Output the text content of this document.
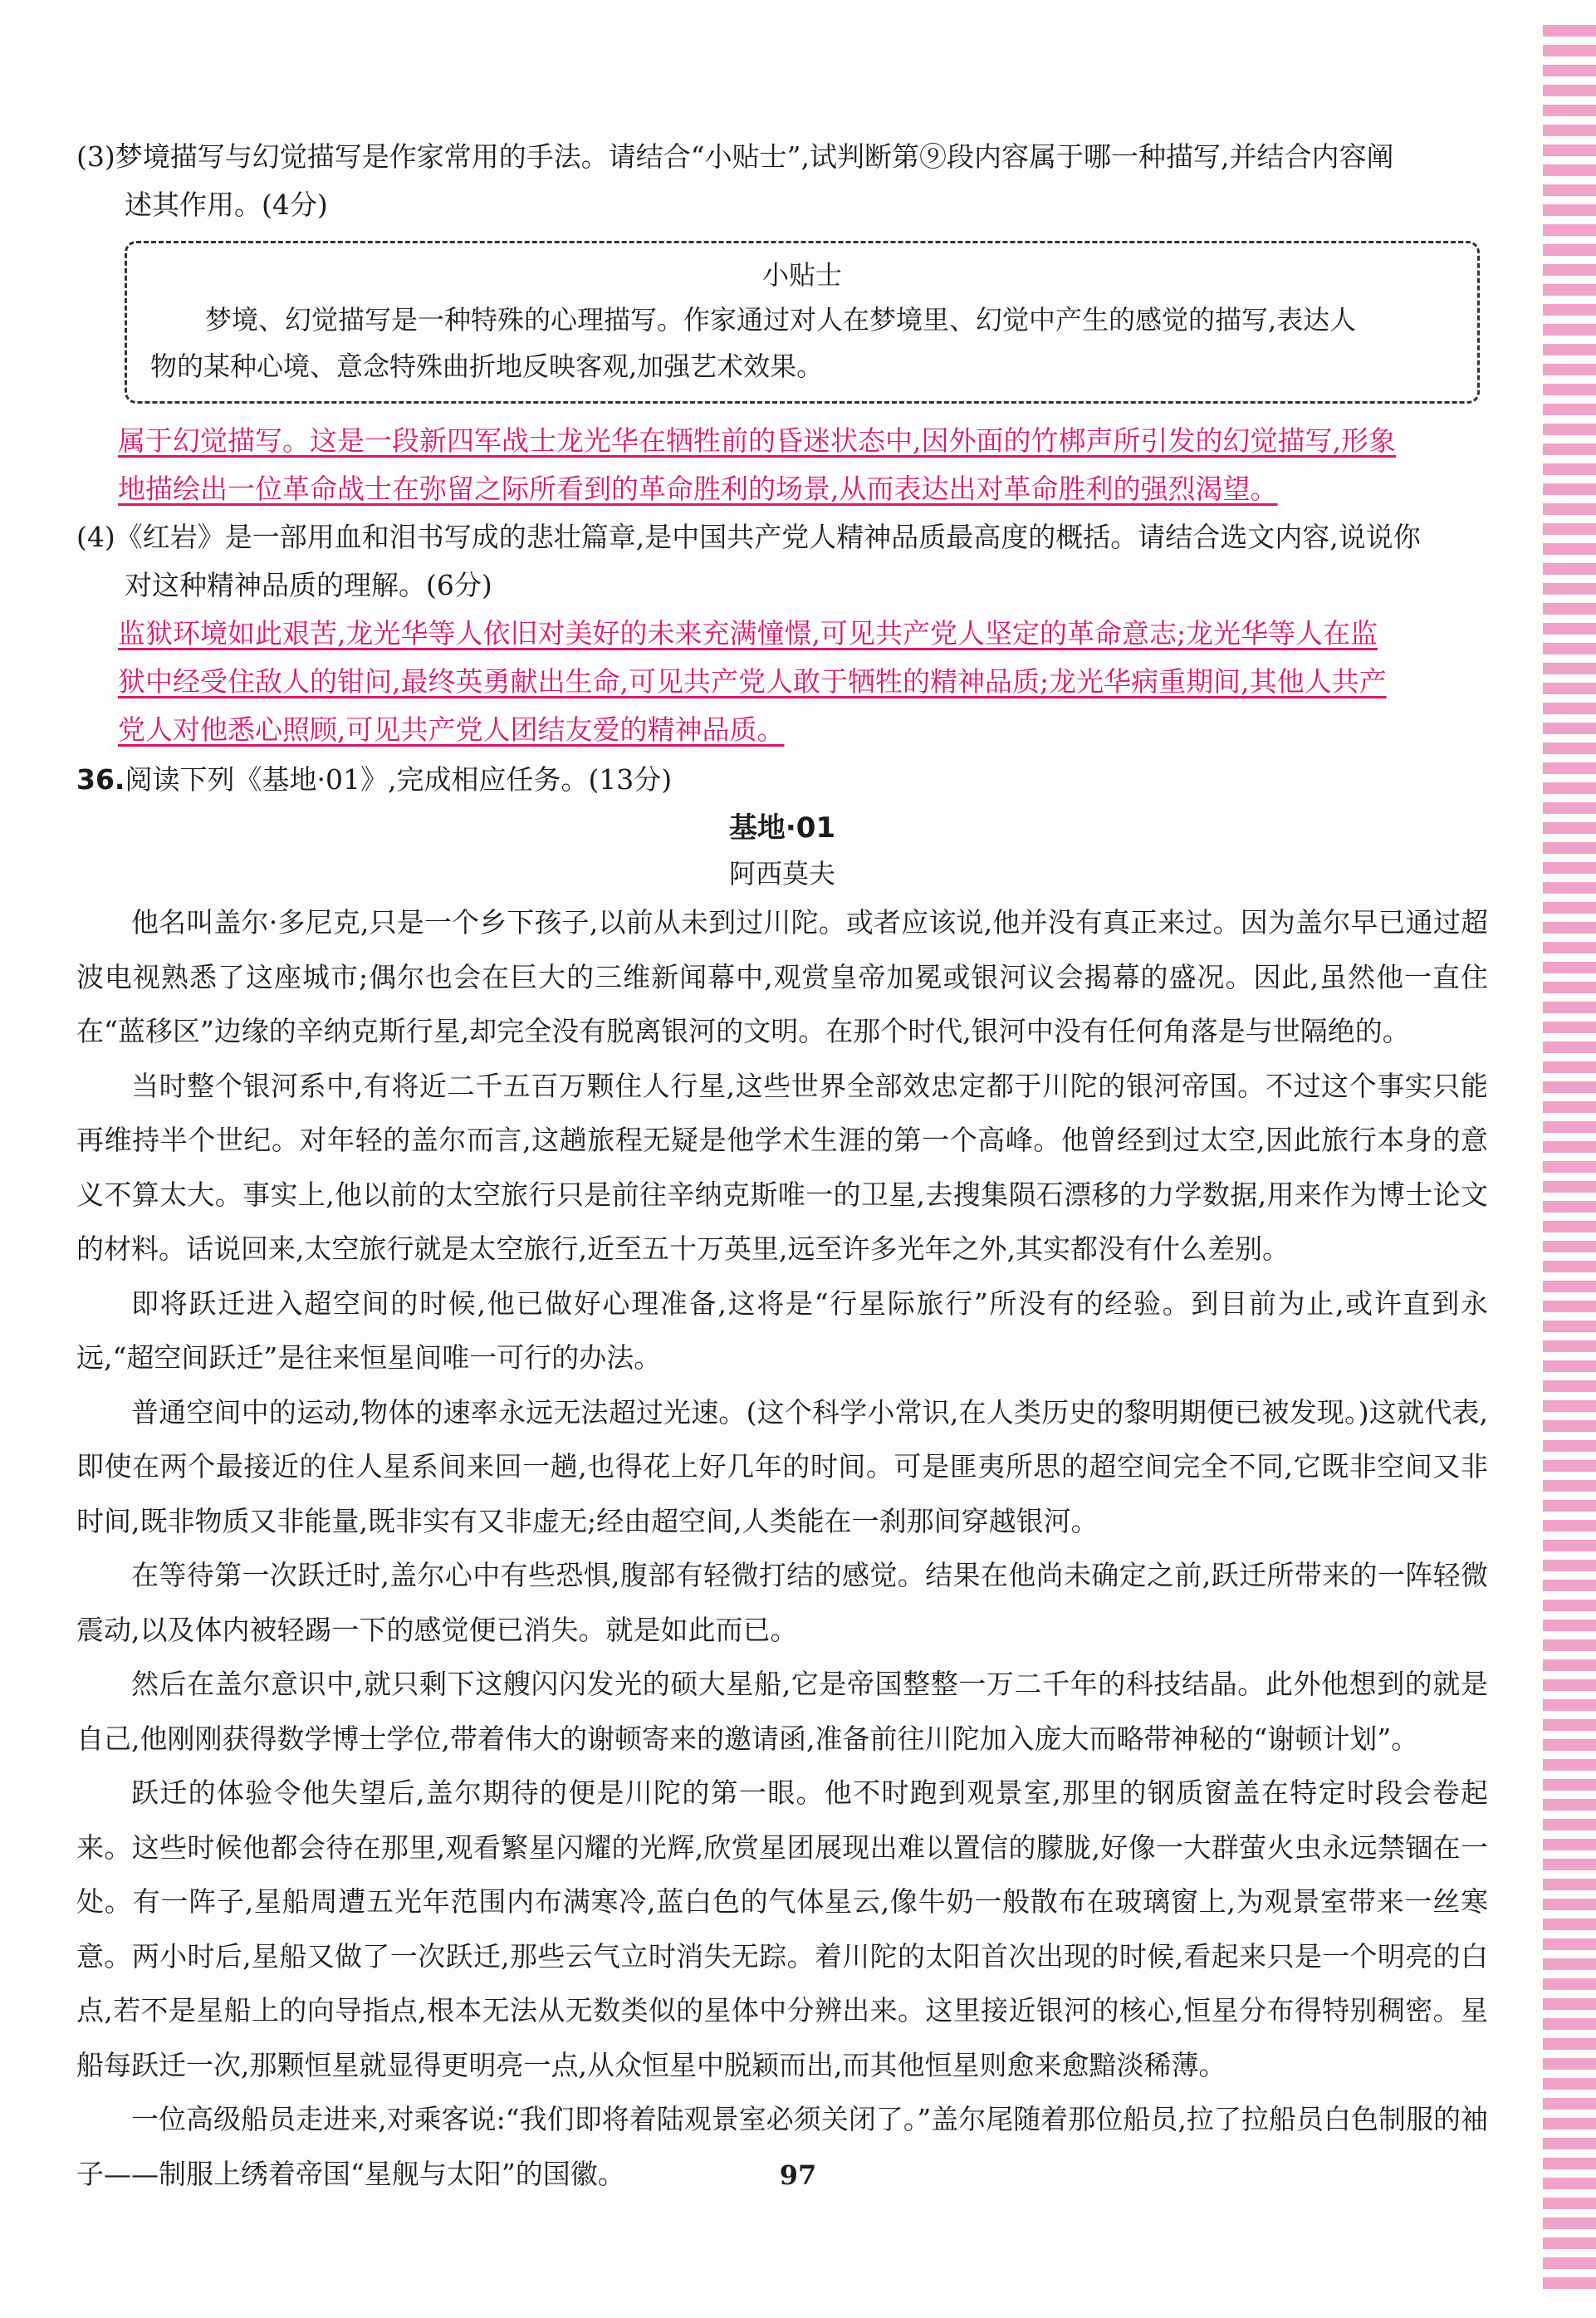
(3)梦境描写与幻觉描写是作家常用的手法。请结合“小贴士”,试判断第⑨段内容属于哪一种描写,并结合内容阐
述其作用。(4分)
小贴士
梦境、幻觉描写是一种特殊的心理描写。作家通过对人在梦境里、幻觉中产生的感觉的描写,表达人
物的某种心境、意念特殊曲折地反映客观,加强艺术效果。
属于幻觉描写。这是一段新四军战士龙光华在牺牲前的昏迷状态中,因外面的竹梆声所引发的幻觉描写,形象
地描绘出一位革命战士在弥留之际所看到的革命胜利的场景,从而表达出对革命胜利的强烈渴望。
(4)《红岩》是一部用血和泪书写成的悲壮篇章,是中国共产党人精神品质最高度的概括。请结合选文内容,说说你
对这种精神品质的理解。(6分)
监狱环境如此艰苦,龙光华等人依旧对美好的未来充满憧憬,可见共产党人坚定的革命意志;龙光华等人在监
狱中经受住敌人的钳问,最终英勇献出生命,可见共产党人敢于牺牲的精神品质;龙光华病重期间,其他人共产
党人对他悉心照顾,可见共产党人团结友爱的精神品质。
36.阅读下列《基地·01》,完成相应任务。(13分)
基地·01
阿西莫夫

他名叫盖尔·多尼克,只是一个乡下孩子,以前从未到过川陀。或者应该说,他并没有真正来过。因为盖尔早已通过超波电视熟悉了这座城市;偶尔也会在巨大的三维新闻幕中,观赏皇帝加冕或银河议会揭幕的盛况。因此,虽然他一直住在“蓝移区”边缘的辛纳克斯行星,却完全没有脱离银河的文明。在那个时代,银河中没有任何角落是与世隔绝的。

当时整个银河系中,有将近二千五百万颗住人行星,这些世界全部效忠定都于川陀的银河帝国。不过这个事实只能再维持半个世纪。对年轻的盖尔而言,这趟旅程无疑是他学术生涯的第一个高峰。他曾经到过太空,因此旅行本身的意义不算太大。事实上,他以前的太空旅行只是前往辛纳克斯唯一的卫星,去搜集陨石漂移的力学数据,用来作为博士论文的材料。话说回来,太空旅行就是太空旅行,近至五十万英里,远至许多光年之外,其实都没有什么差别。

即将跃迁进入超空间的时候,他已做好心理准备,这将是“行星际旅行”所没有的经验。到目前为止,或许直到永远,“超空间跃迁”是往来恒星间唯一可行的办法。

普通空间中的运动,物体的速率永远无法超过光速。(这个科学小常识,在人类历史的黎明期便已被发现。)这就代表,即使在两个最接近的住人星系间来回一趟,也得花上好几年的时间。可是匪夷所思的超空间完全不同,它既非空间又非时间,既非物质又非能量,既非实有又非虚无;经由超空间,人类能在一刹那间穿越银河。

在等待第一次跃迁时,盖尔心中有些恐惧,腹部有轻微打结的感觉。结果在他尚未确定之前,跃迁所带来的一阵轻微震动,以及体内被轻踢一下的感觉便已消失。就是如此而已。

然后在盖尔意识中,就只剩下这艘闪闪发光的硕大星船,它是帝国整整一万二千年的科技结晶。此外他想到的就是自己,他刚刚获得数学博士学位,带着伟大的谢顿寄来的邀请函,准备前往川陀加入庞大而略带神秘的“谢顿计划”。

跃迁的体验令他失望后,盖尔期待的便是川陀的第一眼。他不时跑到观景室,那里的钢质窗盖在特定时段会卷起来。这些时候他都会待在那里,观看繁星闪耀的光辉,欣赏星团展现出难以置信的朦胧,好像一大群萤火虫永远禁锢在一处。有一阵子,星船周遭五光年范围内布满寒冷,蓝白色的气体星云,像牛奶一般散布在玻璃窗上,为观景室带来一丝寒意。两小时后,星船又做了一次跃迁,那些云气立时消失无踪。着川陀的太阳首次出现的时候,看起来只是一个明亮的白点,若不是星船上的向导指点,根本无法从无数类似的星体中分辨出来。这里接近银河的核心,恒星分布得特别稠密。星船每跃迁一次,那颗恒星就显得更明亮一点,从众恒星中脱颖而出,而其他恒星则愈来愈黯淡稀薄。

一位高级船员走进来,对乘客说:“我们即将着陆观景室必须关闭了。”盖尔尾随着那位船员,拉了拉船员白色制服的袖子——制服上绣着帝国“星舰与太阳”的国徽。	97
